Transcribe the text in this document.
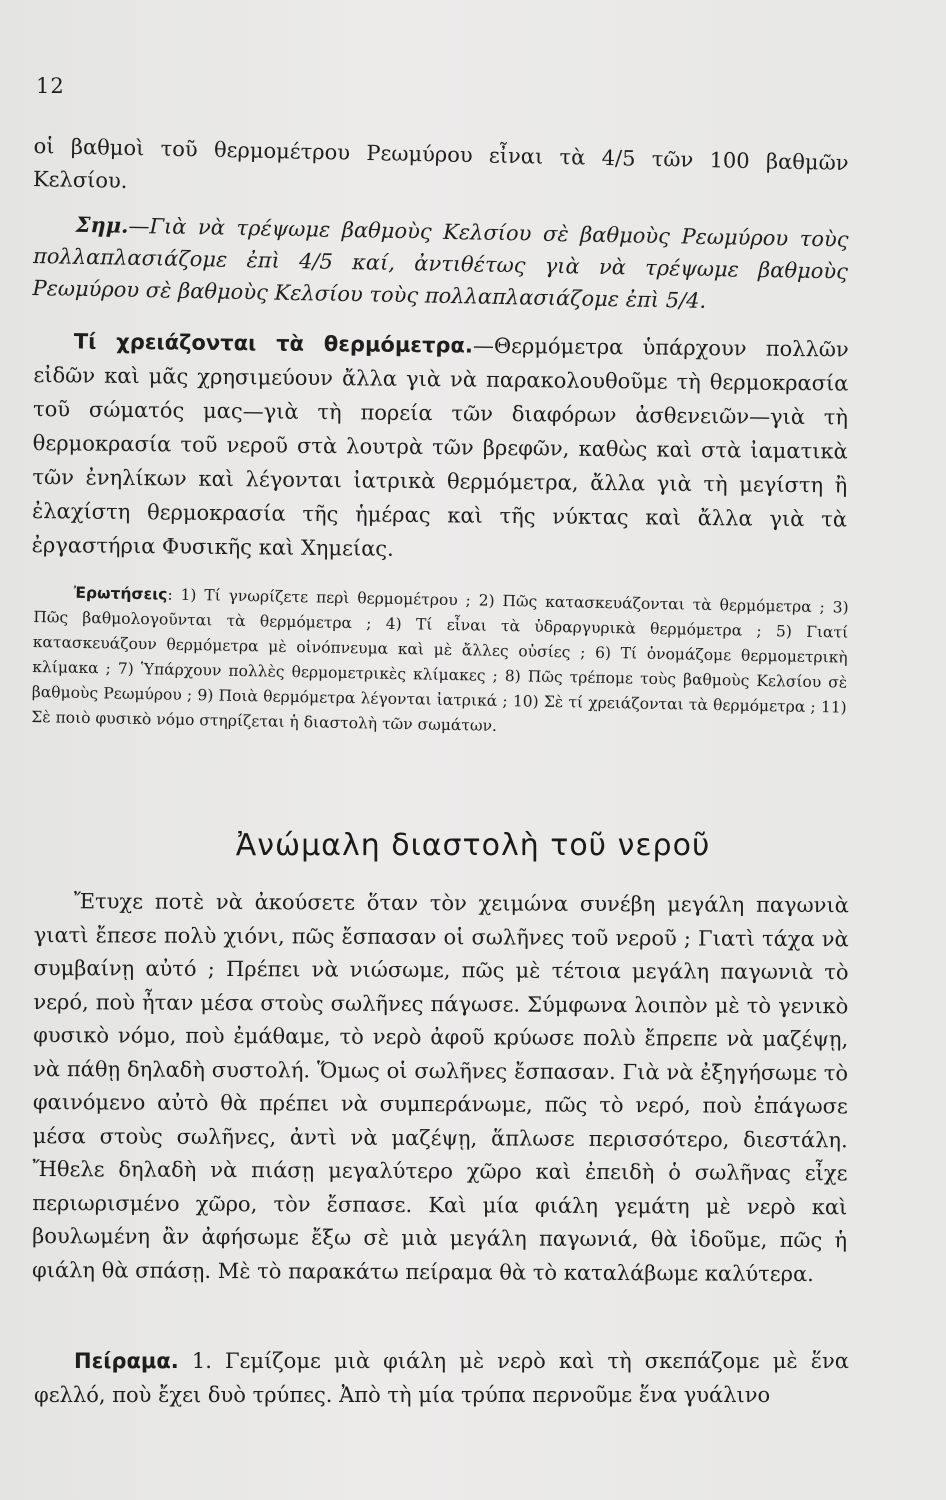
12
οἱ βαθμοὶ τοῦ θερμομέτρου Ρεωμύρου εἶναι τὰ 4/5 τῶν 100 βαθμῶν Κελσίου.
Σημ.—Γιὰ νὰ τρέψωμε βαθμοὺς Κελσίου σὲ βαθμοὺς Ρεωμύρου τοὺς πολλαπλασιάζομε ἐπὶ 4/5 καί, ἀντιθέτως γιὰ νὰ τρέψωμε βαθμοὺς Ρεωμύρου σὲ βαθμοὺς Κελσίου τοὺς πολλαπλασιάζομε ἐπὶ 5/4.
Τί χρειάζονται τὰ θερμόμετρα.—Θερμόμετρα ὑπάρχουν πολλῶν εἰδῶν καὶ μᾶς χρησιμεύουν ἄλλα γιὰ νὰ παρακολουθοῦμε τὴ θερμοκρασία τοῦ σώματός μας—γιὰ τὴ πορεία τῶν διαφόρων ἀσθενειῶν—γιὰ τὴ θερμοκρασία τοῦ νεροῦ στὰ λουτρὰ τῶν βρεφῶν, καθὼς καὶ στὰ ἰαματικὰ τῶν ἐνηλίκων καὶ λέγονται ἰατρικὰ θερμόμετρα, ἄλλα γιὰ τὴ μεγίστη ἢ ἐλαχίστη θερμοκρασία τῆς ἡμέρας καὶ τῆς νύκτας καὶ ἄλλα γιὰ τὰ ἐργαστήρια Φυσικῆς καὶ Χημείας.
Ἐρωτήσεις: 1) Τί γνωρίζετε περὶ θερμομέτρου ; 2) Πῶς κατασκευάζονται τὰ θερμόμετρα ; 3) Πῶς βαθμολογοῦνται τὰ θερμόμετρα ; 4) Τί εἶναι τὰ ὑδραργυρικὰ θερμόμετρα ; 5) Γιατί κατασκευάζουν θερμόμετρα μὲ οἰνόπνευμα καὶ μὲ ἄλλες οὐσίες ; 6) Τί ὀνομάζομε θερμομετρικὴ κλίμακα ; 7) Ὑπάρχουν πολλὲς θερμομετρικὲς κλίμακες ; 8) Πῶς τρέπομε τοὺς βαθμοὺς Κελσίου σὲ βαθμοὺς Ρεωμύρου ; 9) Ποιὰ θερμόμετρα λέγονται ἰατρικά ; 10) Σὲ τί χρειάζονται τὰ θερμόμετρα ; 11) Σὲ ποιὸ φυσικὸ νόμο στηρίζεται ἡ διαστολὴ τῶν σωμάτων.
Ἀνώμαλη διαστολὴ τοῦ νεροῦ
Ἔτυχε ποτὲ νὰ ἀκούσετε ὅταν τὸν χειμώνα συνέβη μεγάλη παγωνιὰ γιατὶ ἔπεσε πολὺ χιόνι, πῶς ἔσπασαν οἱ σωλῆνες τοῦ νεροῦ ; Γιατὶ τάχα νὰ συμβαίνῃ αὐτό ; Πρέπει νὰ νιώσωμε, πῶς μὲ τέτοια μεγάλη παγωνιὰ τὸ νερό, ποὺ ἦταν μέσα στοὺς σωλῆνες πάγωσε. Σύμφωνα λοιπὸν μὲ τὸ γενικὸ φυσικὸ νόμο, ποὺ ἐμάθαμε, τὸ νερὸ ἀφοῦ κρύωσε πολὺ ἔπρεπε νὰ μαζέψῃ, νὰ πάθῃ δηλαδὴ συστολή. Ὅμως οἱ σωλῆνες ἔσπασαν. Γιὰ νὰ ἐξηγήσωμε τὸ φαινόμενο αὐτὸ θὰ πρέπει νὰ συμπεράνωμε, πῶς τὸ νερό, ποὺ ἐπάγωσε μέσα στοὺς σωλῆνες, ἀντὶ νὰ μαζέψῃ, ἅπλωσε περισσότερο, διεστάλη. Ἤθελε δηλαδὴ νὰ πιάσῃ μεγαλύτερο χῶρο καὶ ἐπειδὴ ὁ σωλῆνας εἶχε περιωρισμένο χῶρο, τὸν ἔσπασε. Καὶ μία φιάλη γεμάτη μὲ νερὸ καὶ βουλωμένη ἂν ἀφήσωμε ἔξω σὲ μιὰ μεγάλη παγωνιά, θὰ ἰδοῦμε, πῶς ἡ φιάλη θὰ σπάσῃ. Μὲ τὸ παρακάτω πείραμα θὰ τὸ καταλάβωμε καλύτερα.
Πείραμα. 1. Γεμίζομε μιὰ φιάλη μὲ νερὸ καὶ τὴ σκεπάζομε μὲ ἕνα φελλό, ποὺ ἔχει δυὸ τρύπες. Ἀπὸ τὴ μία τρύπα περνοῦμε ἕνα γυάλινο
